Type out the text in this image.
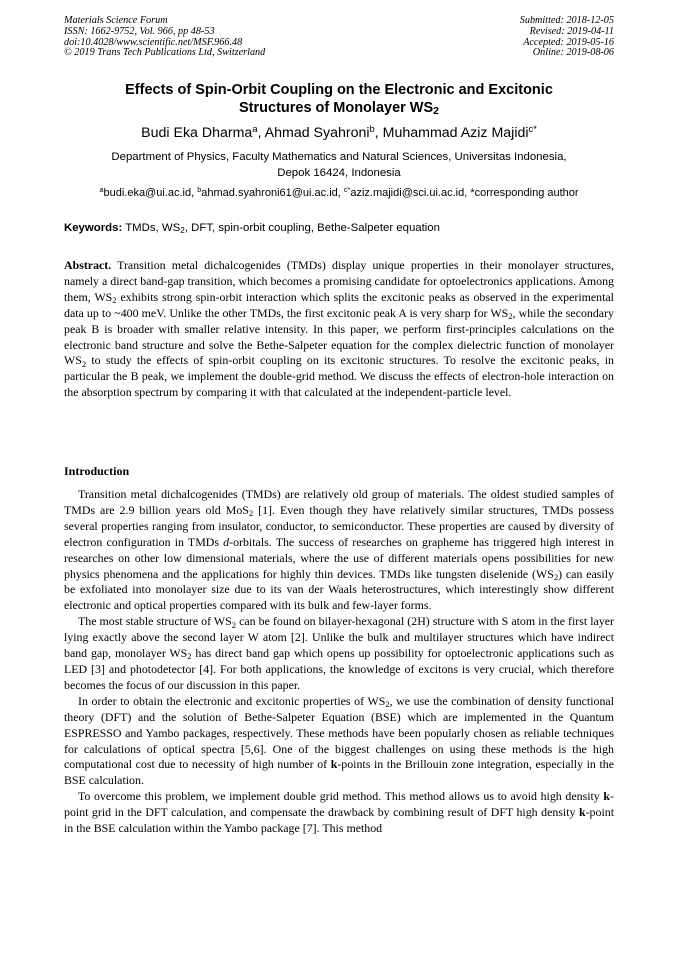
Materials Science Forum
ISSN: 1662-9752, Vol. 966, pp 48-53
doi:10.4028/www.scientific.net/MSF.966.48
© 2019 Trans Tech Publications Ltd, Switzerland
Submitted: 2018-12-05
Revised: 2019-04-11
Accepted: 2019-05-16
Online: 2019-08-06
Effects of Spin-Orbit Coupling on the Electronic and Excitonic
Structures of Monolayer $WS_2$
Budi Eka Dharma$^a$, Ahmad Syahroni$^b$, Muhammad Aziz Majidi$^{c*}$
Department of Physics, Faculty Mathematics and Natural Sciences, Universitas Indonesia,
Depok 16424, Indonesia
$^a$budi.eka@ui.ac.id, $^b$ahmad.syahroni61@ui.ac.id, $^{c*}$aziz.majidi@sci.ui.ac.id, *corresponding author
Keywords: TMDs, $WS_2$, DFT, spin-orbit coupling, Bethe-Salpeter equation

Abstract. Transition metal dichalcogenides (TMDs) display unique properties in their monolayer structures, namely a direct band-gap transition, which becomes a promising candidate for optoelectronics applications. Among them, $WS_2$ exhibits strong spin-orbit interaction which splits the excitonic peaks as observed in the experimental data up to ~400 meV. Unlike the other TMDs, the first excitonic peak A is very sharp for $WS_2$, while the secondary peak B is broader with smaller relative intensity. In this paper, we perform first-principles calculations on the electronic band structure and solve the Bethe-Salpeter equation for the complex dielectric function of monolayer $WS_2$ to study the effects of spin-orbit coupling on its excitonic structures. To resolve the excitonic peaks, in particular the B peak, we implement the double-grid method. We discuss the effects of electron-hole interaction on the absorption spectrum by comparing it with that calculated at the independent-particle level.

Introduction

Transition metal dichalcogenides (TMDs) are relatively old group of materials. The oldest studied samples of TMDs are 2.9 billion years old MoS$_2$ [1]. Even though they have relatively similar structures, TMDs possess several properties ranging from insulator, conductor, to semiconductor. These properties are caused by diversity of electron configuration in TMDs d-orbitals. The success of researches on grapheme has triggered high interest in researches on other low dimensional materials, where the use of different materials opens possibilities for new physics phenomena and the applications for highly thin devices. TMDs like tungsten diselenide $(WS_2)$ can easily be exfoliated into monolayer size due to its van der Waals heterostructures, which interestingly show different electronic and optical properties compared with its bulk and few-layer forms.

The most stable structure of $WS_2$ can be found on bilayer-hexagonal (2H) structure with S atom in the first layer lying exactly above the second layer W atom [2]. Unlike the bulk and multilayer structures which have indirect band gap, monolayer $WS_2$ has direct band gap which opens up possibility for optoelectronic applications such as LED [3] and photodetector [4]. For both applications, the knowledge of excitons is very crucial, which therefore becomes the focus of our discussion in this paper.

In order to obtain the electronic and excitonic properties of $WS_2$, we use the combination of density functional theory (DFT) and the solution of Bethe-Salpeter Equation (BSE) which are implemented in the Quantum ESPRESSO and Yambo packages, respectively. These methods have been popularly chosen as reliable techniques for calculations of optical spectra [5,6]. One of the biggest challenges on using these methods is the high computational cost due to necessity of high number of k-points in the Brillouin zone integration, especially in the BSE calculation.

To overcome this problem, we implement double grid method. This method allows us to avoid high density k-point grid in the DFT calculation, and compensate the drawback by combining result of DFT high density k-point in the BSE calculation within the Yambo package [7]. This method
